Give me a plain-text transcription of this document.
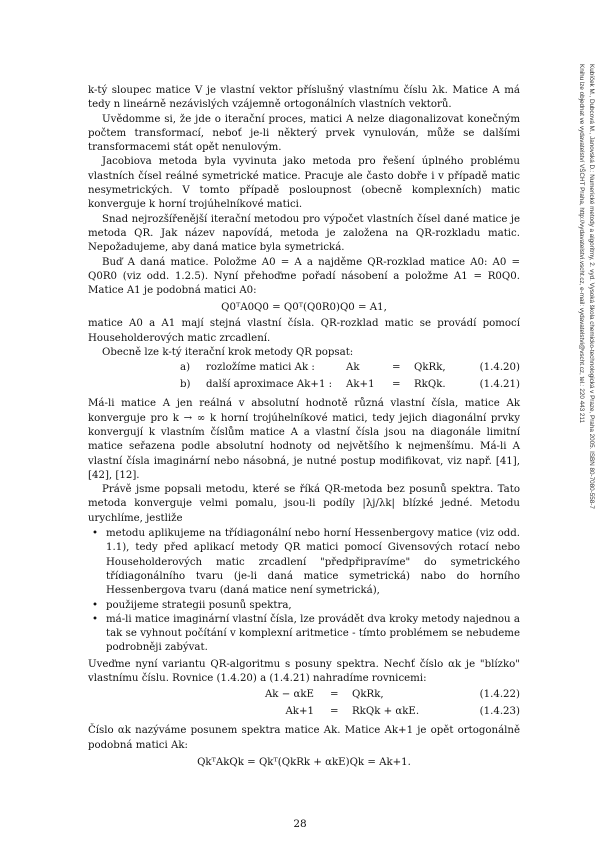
k-tý sloupec matice V je vlastní vektor příslušný vlastnímu číslu λk. Matice A má tedy n lineárně nezávislých vzájemně ortogonálních vlastních vektorů.

Uvědomme si, že jde o iterační proces, matici A nelze diagonalizovat konečným počtem transformací, neboť je-li některý prvek vynulován, může se dalšími transformacemi stát opět nenulovým.

Jacobiova metoda byla vyvinuta jako metoda pro řešení úplného problému vlastních čísel reálné symetrické matice. Pracuje ale často dobře i v případě matic nesymetrických. V tomto případě posloupnost (obecně komplexních) matic konverguje k horní trojúhelníkové matici.

Snad nejrozšířenější iterační metodou pro výpočet vlastních čísel dané matice je metoda QR. Jak název napovídá, metoda je založena na QR-rozkladu matic. Nepožadujeme, aby daná matice byla symetrická.

Buď A daná matice. Položme A0 = A a najděme QR-rozklad matice A0: A0 = Q0R0 (viz odd. 1.2.5). Nyní přehoďme pořadí násobení a položme A1 = R0Q0. Matice A1 je podobná matici A0:

Q0ᵀA0Q0 = Q0ᵀ(Q0R0)Q0 = A1,

matice A0 a A1 mají stejná vlastní čísla. QR-rozklad matic se provádí pomocí Householderových matic zrcadlení.

Obecně lze k-tý iterační krok metody QR popsat:

a) rozložíme matici Ak :	Ak	= QkRk,	(1.4.20)
b) další aproximace Ak+1 : Ak+1 = RkQk.	(1.4.21)

Má-li matice A jen reálná v absolutní hodnotě různá vlastní čísla, matice Ak konverguje pro k → ∞ k horní trojúhelníkové matici, tedy jejich diagonální prvky konvergují k vlastním číslům matice A a vlastní čísla jsou na diagonále limitní matice seřazena podle absolutní hodnoty od největšího k nejmenšímu. Má-li A vlastní čísla imaginární nebo násobná, je nutné postup modifikovat, viz např. [41], [42], [12].

Právě jsme popsali metodu, které se říká QR-metoda bez posunů spektra. Tato metoda konverguje velmi pomalu, jsou-li podíly |λj/λk| blízké jedné. Metodu urychlíme, jestliže

• metodu aplikujeme na třídiagonální nebo horní Hessenbergovy matice (viz odd. 1.1), tedy před aplikací metody QR matici pomocí Givensových rotací nebo Householderových matic zrcadlení "předpřipravíme" do symetrického třídiagonálního tvaru (je-li daná matice symetrická) nabo do horního Hessenbergova tvaru (daná matice není symetrická),
• použijeme strategii posunů spektra,
• má-li matice imaginární vlastní čísla, lze provádět dva kroky metody najednou a tak se vyhnout počítání v komplexní aritmetice - tímto problémem se nebudeme podrobněji zabývat.

Uveďme nyní variantu QR-algoritmu s posuny spektra. Nechť číslo αk je "blízko" vlastnímu číslu. Rovnice (1.4.20) a (1.4.21) nahradíme rovnicemi:

Ak − αkE = QkRk,	(1.4.22)
Ak+1 = RkQk + αkE.	(1.4.23)

Číslo αk nazýváme posunem spektra matice Ak. Matice Ak+1 je opět ortogonálně podobná matici Ak:

QkᵀAkQk = Qkᵀ(QkRk + αkE)Qk = Ak+1.
28
Kubíček M., Dubcová M., Janovská D.: Numerické metody a algoritmy, 2. vyd. Vysoká škola chemicko-technologická v Praze, Praha 2005. ISBN 80-7080-558-7
Knihu lze objednat ve vydavatelství VŠCHT Praha, http://vydavatelstvi.vscht.cz, e-mail: vydavatelstvi@vscht.cz, tel.: 220 443 211
